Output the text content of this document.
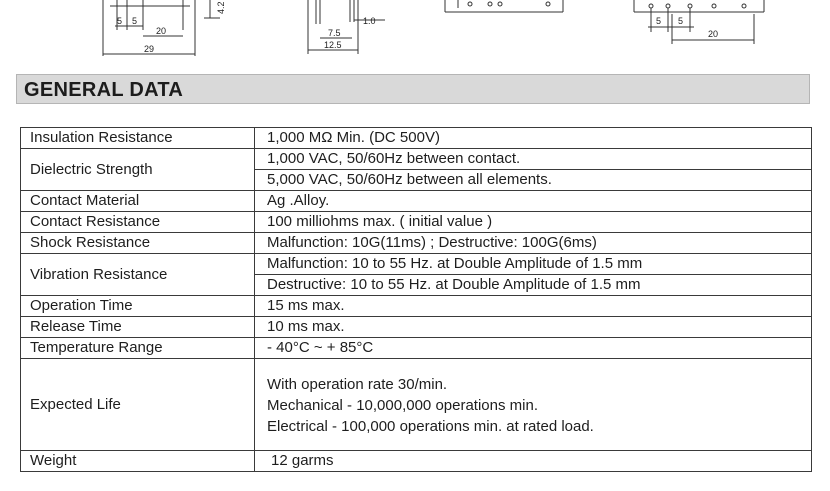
5 5
20
29
4.2
1.0
7.5
12.5
5 5
20
GENERAL DATA
Insulation Resistance	1,000 MΩ Min. (DC 500V)
Dielectric Strength	1,000 VAC, 50/60Hz between contact.
	5,000 VAC, 50/60Hz between all elements.
Contact Material	Ag .Alloy.
Contact Resistance	100 milliohms max. ( initial value )
Shock Resistance	Malfunction: 10G(11ms) ; Destructive: 100G(6ms)
Vibration Resistance	Malfunction: 10 to 55 Hz. at Double Amplitude of 1.5 mm
	Destructive: 10 to 55 Hz. at Double Amplitude of 1.5 mm
Operation Time	15 ms max.
Release Time	10 ms max.
Temperature Range	- 40°C ~ + 85°C
Expected Life	With operation rate 30/min.
Mechanical - 10,000,000 operations min.
Electrical - 100,000 operations min. at rated load.

Weight	12 garms
